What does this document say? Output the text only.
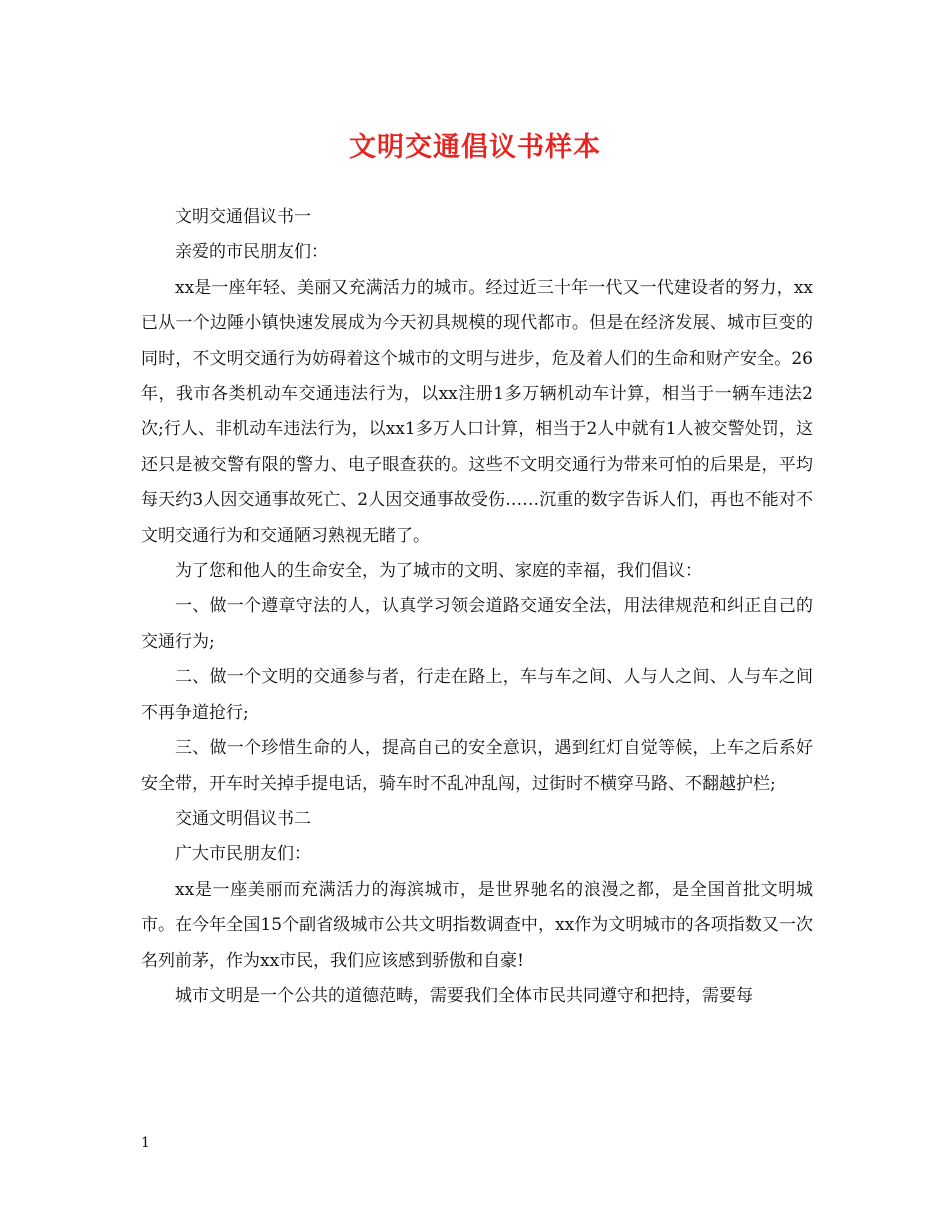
文明交通倡议书样本

文明交通倡议书一

亲爱的市民朋友们：

xx是一座年轻、美丽又充满活力的城市。经过近三十年一代又一代建设者的努力，xx已从一个边陲小镇快速发展成为今天初具规模的现代都市。但是在经济发展、城市巨变的同时，不文明交通行为妨碍着这个城市的文明与进步，危及着人们的生命和财产安全。26年，我市各类机动车交通违法行为，以xx注册1多万辆机动车计算，相当于一辆车违法2次;行人、非机动车违法行为，以xx1多万人口计算，相当于2人中就有1人被交警处罚，这还只是被交警有限的警力、电子眼查获的。这些不文明交通行为带来可怕的后果是，平均每天约3人因交通事故死亡、2人因交通事故受伤……沉重的数字告诉人们，再也不能对不文明交通行为和交通陋习熟视无睹了。

为了您和他人的生命安全，为了城市的文明、家庭的幸福，我们倡议：

一、做一个遵章守法的人，认真学习领会道路交通安全法，用法律规范和纠正自己的交通行为;

二、做一个文明的交通参与者，行走在路上，车与车之间、人与人之间、人与车之间不再争道抢行;

三、做一个珍惜生命的人，提高自己的安全意识，遇到红灯自觉等候，上车之后系好安全带，开车时关掉手提电话，骑车时不乱冲乱闯，过街时不横穿马路、不翻越护栏;

交通文明倡议书二

广大市民朋友们：

xx是一座美丽而充满活力的海滨城市，是世界驰名的浪漫之都，是全国首批文明城市。在今年全国15个副省级城市公共文明指数调查中，xx作为文明城市的各项指数又一次名列前茅，作为xx市民，我们应该感到骄傲和自豪!

城市文明是一个公共的道德范畴，需要我们全体市民共同遵守和把持，需要每

1
